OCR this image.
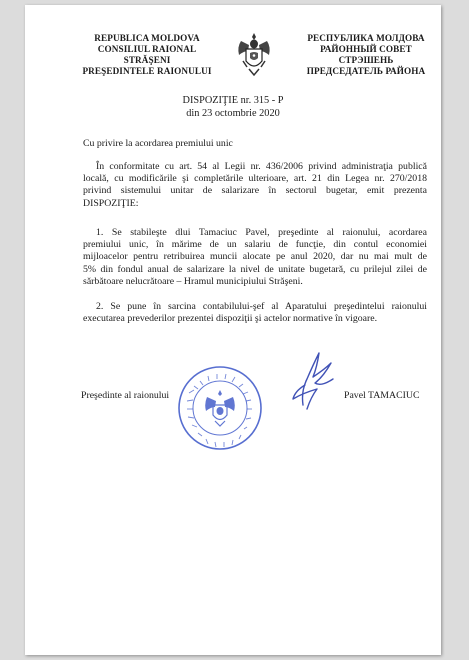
REPUBLICA MOLDOVA
CONSILIUL RAIONAL
STRĂŞENI
PREŞEDINTELE RAIONULUI
РЕСПУБЛИКА МОЛДОВА
РАЙОННЫЙ СОВЕТ
СТРЭШЕНЬ
ПРЕДСЕДАТЕЛЬ РАЙОНА
DISPOZIŢIE nr. 315 - P
din 23 octombrie 2020
Cu privire la acordarea premiului unic
În conformitate cu art. 54 al Legii nr. 436/2006 privind administraţia publică
locală, cu modificările şi completările ulterioare, art. 21 din Legea nr. 270/2018
privind sistemului unitar de salarizare în sectorul bugetar, emit prezenta
DISPOZIŢIE:
1. Se stabileşte dlui Tamaciuc Pavel, preşedinte al raionului, acordarea
premiului unic, în mărime de un salariu de funcţie, din contul economiei
mijloacelor pentru retribuirea muncii alocate pe anul 2020, dar nu mai mult de
5% din fondul anual de salarizare la nivel de unitate bugetară, cu prilejul zilei de
sărbătoare nelucrătoare – Hramul municipiului Străşeni.
2. Se pune în sarcina contabilului-şef al Aparatului preşedintelui raionului
executarea prevederilor prezentei dispoziţii şi actelor normative în vigoare.
Preşedinte al raionului	Pavel TAMACIUC
